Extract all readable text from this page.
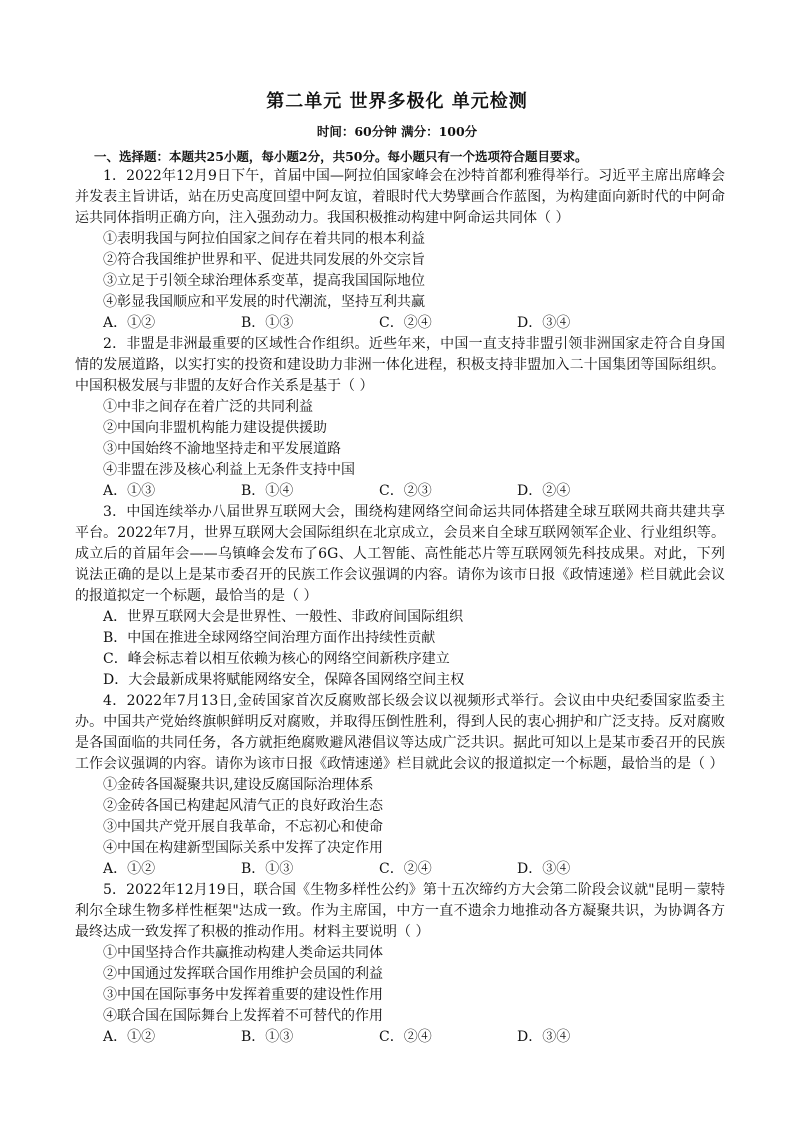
第二单元 世界多极化 单元检测
时间：60分钟 满分：100分
一、选择题：本题共25小题，每小题2分，共50分。每小题只有一个选项符合题目要求。

1．2022年12月9日下午，首届中国—阿拉伯国家峰会在沙特首都利雅得举行。习近平主席出席峰会并发表主旨讲话，站在历史高度回望中阿友谊，着眼时代大势擘画合作蓝图，为构建面向新时代的中阿命运共同体指明正确方向，注入强劲动力。我国积极推动构建中阿命运共同体（ ）

①表明我国与阿拉伯国家之间存在着共同的根本利益

②符合我国维护世界和平、促进共同发展的外交宗旨

③立足于引领全球治理体系变革，提高我国国际地位

④彰显我国顺应和平发展的时代潮流，坚持互利共赢

A．①②	B．①③	C．②④	D．③④

2．非盟是非洲最重要的区域性合作组织。近些年来，中国一直支持非盟引领非洲国家走符合自身国情的发展道路，以实打实的投资和建设助力非洲一体化进程，积极支持非盟加入二十国集团等国际组织。中国积极发展与非盟的友好合作关系是基于（ ）

①中非之间存在着广泛的共同利益

②中国向非盟机构能力建设提供援助

③中国始终不渝地坚持走和平发展道路

④非盟在涉及核心利益上无条件支持中国

A．①③	B．①④	C．②③	D．②④

3．中国连续举办八届世界互联网大会，围绕构建网络空间命运共同体搭建全球互联网共商共建共享平台。2022年7月，世界互联网大会国际组织在北京成立，会员来自全球互联网领军企业、行业组织等。成立后的首届年会——乌镇峰会发布了6G、人工智能、高性能芯片等互联网领先科技成果。对此，下列说法正确的是以上是某市委召开的民族工作会议强调的内容。请你为该市日报《政情速递》栏目就此会议的报道拟定一个标题，最恰当的是（ ）

A．世界互联网大会是世界性、一般性、非政府间国际组织

B．中国在推进全球网络空间治理方面作出持续性贡献

C．峰会标志着以相互依赖为核心的网络空间新秩序建立

D．大会最新成果将赋能网络安全，保障各国网络空间主权

4．2022年7月13日,金砖国家首次反腐败部长级会议以视频形式举行。会议由中央纪委国家监委主办。中国共产党始终旗帜鲜明反对腐败，并取得压倒性胜利，得到人民的衷心拥护和广泛支持。反对腐败是各国面临的共同任务，各方就拒绝腐败避风港倡议等达成广泛共识。据此可知以上是某市委召开的民族工作会议强调的内容。请你为该市日报《政情速递》栏目就此会议的报道拟定一个标题，最恰当的是（ ）

①金砖各国凝聚共识,建设反腐国际治理体系

②金砖各国已构建起风清气正的良好政治生态

③中国共产党开展自我革命，不忘初心和使命

④中国在构建新型国际关系中发挥了决定作用

A．①②	B．①③	C．②④	D．③④

5．2022年12月19日，联合国《生物多样性公约》第十五次缔约方大会第二阶段会议就"昆明－蒙特利尔全球生物多样性框架"达成一致。作为主席国，中方一直不遗余力地推动各方凝聚共识，为协调各方最终达成一致发挥了积极的推动作用。材料主要说明（ ）

①中国坚持合作共赢推动构建人类命运共同体

②中国通过发挥联合国作用维护会员国的利益

③中国在国际事务中发挥着重要的建设性作用

④联合国在国际舞台上发挥着不可替代的作用

A．①②	B．①③	C．②④	D．③④
